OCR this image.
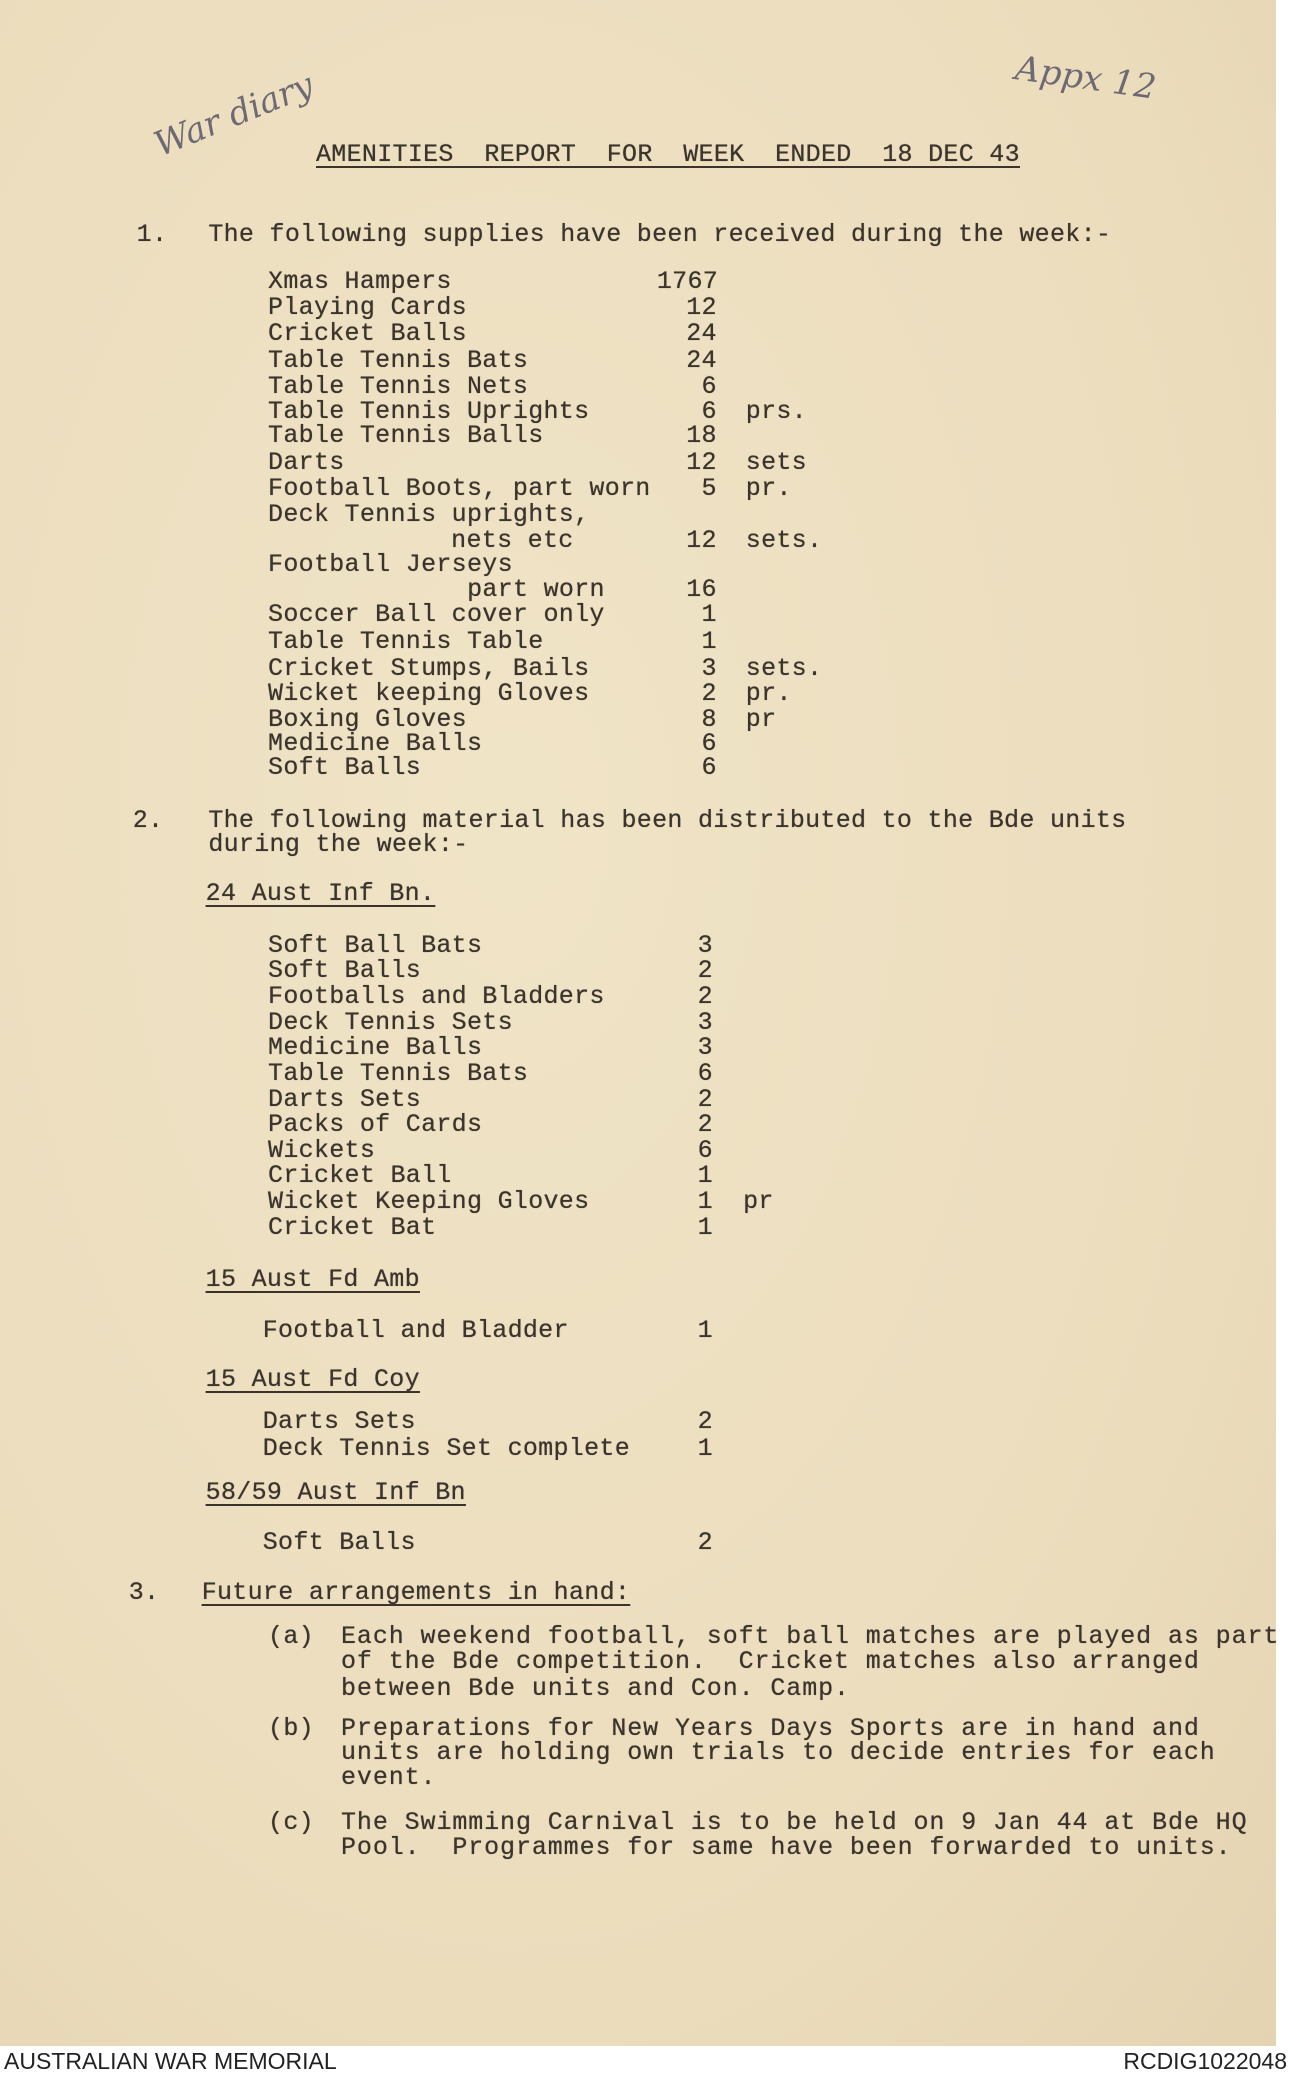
War diary	Appx 12
AMENITIES  REPORT  FOR  WEEK  ENDED  18 DEC 43
1. The following supplies have been received during the week:-
Xmas Hampers	1767
Playing Cards	12
Cricket Balls	24
Table Tennis Bats	24
Table Tennis Nets	6
Table Tennis Uprights	6 prs.
Table Tennis Balls	18
Darts	12 sets
Football Boots, part worn	5 pr.
Deck Tennis uprights,
nets etc	12 sets.
Football Jerseys
part worn	16
Soccer Ball cover only	1
Table Tennis Table	1
Cricket Stumps, Bails	3 sets.
Wicket keeping Gloves	2 pr.
Boxing Gloves	8 pr
Medicine Balls	6
Soft Balls	6
2. The following material has been distributed to the Bde units
during the week:-
24 Aust Inf Bn.
Soft Ball Bats	3
Soft Balls	2
Footballs and Bladders	2
Deck Tennis Sets	3
Medicine Balls	3
Table Tennis Bats	6
Darts Sets	2
Packs of Cards	2
Wickets	6
Cricket Ball	1
Wicket Keeping Gloves	1 pr
Cricket Bat	1
15 Aust Fd Amb
Football and Bladder	1
15 Aust Fd Coy
Darts Sets	2
Deck Tennis Set complete	1
58/59 Aust Inf Bn
Soft Balls	2
3. Future arrangements in hand:
(a) Each weekend football, soft ball matches are played as part
of the Bde competition.  Cricket matches also arranged
between Bde units and Con. Camp.
(b) Preparations for New Years Days Sports are in hand and
units are holding own trials to decide entries for each
event.
(c) The Swimming Carnival is to be held on 9 Jan 44 at Bde HQ
Pool.  Programmes for same have been forwarded to units.
AUSTRALIAN WAR MEMORIAL	RCDIG1022048
